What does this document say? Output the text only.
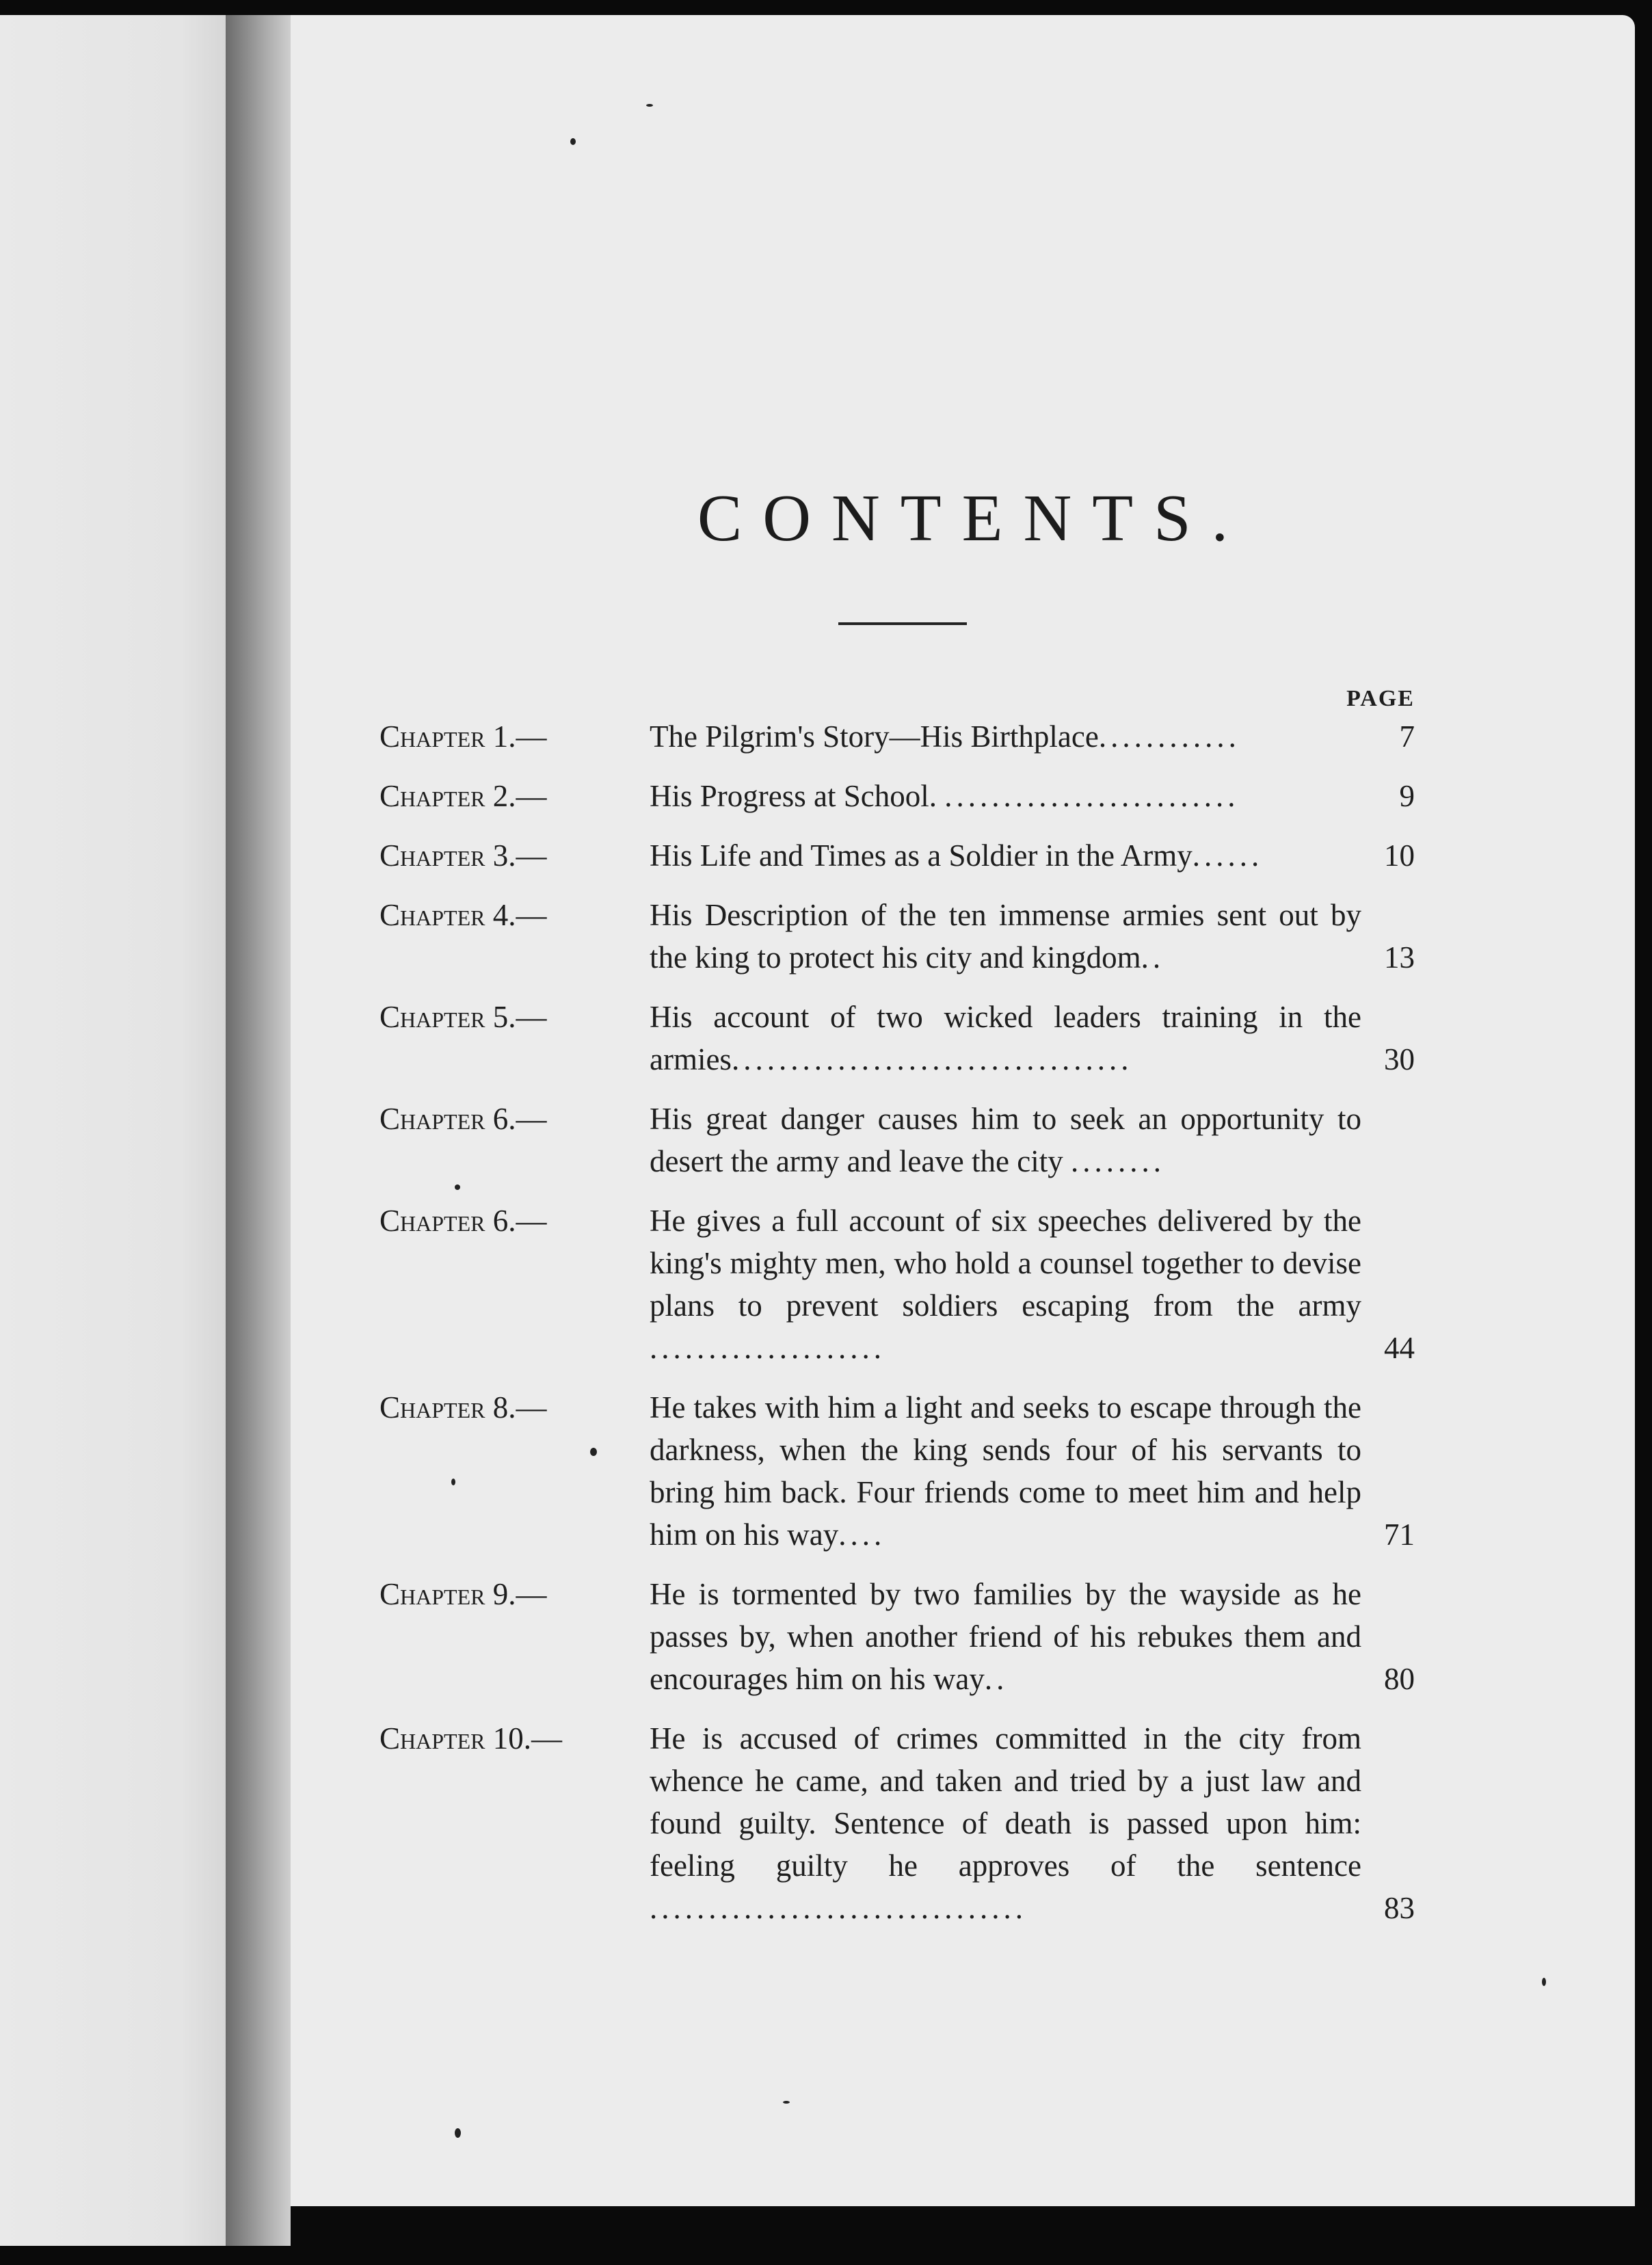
CONTENTS.
PAGE
Chapter 1.—	The Pilgrim's Story—His Birthplace............	7
Chapter 2.—	His Progress at School. .........................	9
Chapter 3.—	His Life and Times as a Soldier in the Army......	10
Chapter 4.—	His Description of the ten immense armies sent out by the king to protect his city and kingdom..	13
Chapter 5.—	His account of two wicked leaders training in the armies..................................	30
Chapter 6.—	His great danger causes him to seek an opportunity to desert the army and leave the city ........
Chapter 6.—	He gives a full account of six speeches delivered by the king's mighty men, who hold a counsel together to devise plans to prevent soldiers escaping from the army ....................	44
Chapter 8.—	He takes with him a light and seeks to escape through the darkness, when the king sends four of his servants to bring him back. Four friends come to meet him and help him on his way....	71
Chapter 9.—	He is tormented by two families by the wayside as he passes by, when another friend of his rebukes them and encourages him on his way..	80
Chapter 10.—	He is accused of crimes committed in the city from whence he came, and taken and tried by a just law and found guilty. Sentence of death is passed upon him: feeling guilty he approves of the sentence ................................	83
